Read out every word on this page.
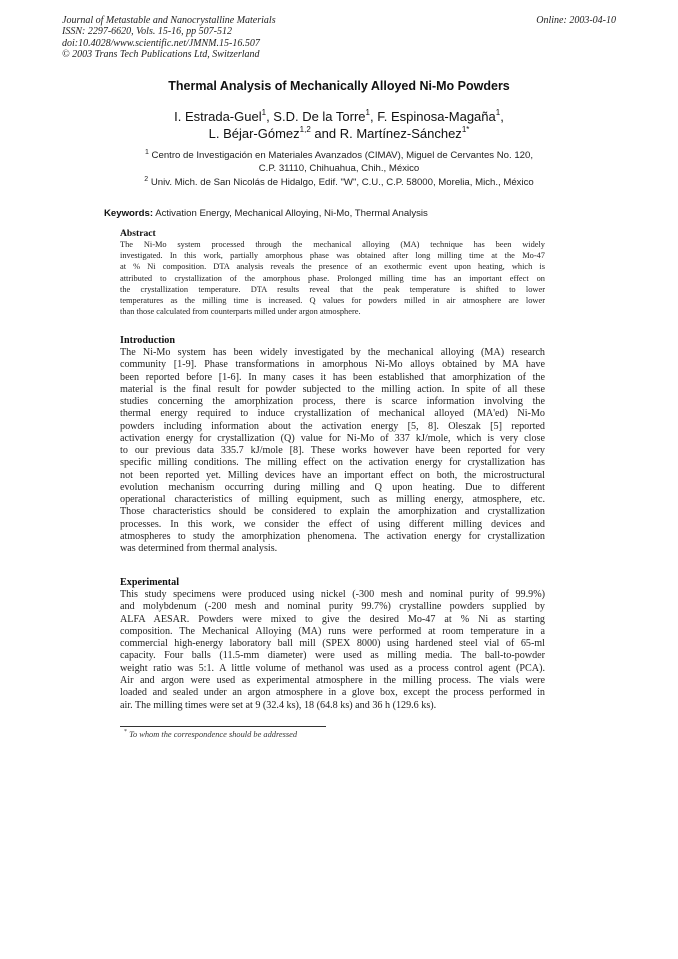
Journal of Metastable and Nanocrystalline Materials
ISSN: 2297-6620, Vols. 15-16, pp 507-512
doi:10.4028/www.scientific.net/JMNM.15-16.507
© 2003 Trans Tech Publications Ltd, Switzerland
Online: 2003-04-10
Thermal Analysis of Mechanically Alloyed Ni-Mo Powders
I. Estrada-Guel$^1$, S.D. De la Torre$^1$, F. Espinosa-Magaña$^1$,
L. Béjar-Gómez$^{1,2}$ and R. Martínez-Sánchez$^{1*}$
$^1$ Centro de Investigación en Materiales Avanzados (CIMAV), Miguel de Cervantes No. 120,
C.P. 31110, Chihuahua, Chih., México
$^2$ Univ. Mich. de San Nicolás de Hidalgo, Edif. "W", C.U., C.P. 58000, Morelia, Mich., México
Keywords: Activation Energy, Mechanical Alloying, Ni-Mo, Thermal Analysis
Abstract
The Ni-Mo system processed through the mechanical alloying (MA) technique has been widely
investigated. In this work, partially amorphous phase was obtained after long milling time at the Mo-47
at % Ni composition. DTA analysis reveals the presence of an exothermic event upon heating, which is
attributed to crystallization of the amorphous phase. Prolonged milling time has an important effect on
the crystallization temperature. DTA results reveal that the peak temperature is shifted to lower
temperatures as the milling time is increased. Q values for powders milled in air atmosphere are lower
than those calculated from counterparts milled under argon atmosphere.
Introduction
The Ni-Mo system has been widely investigated by the mechanical alloying (MA) research
community [1-9]. Phase transformations in amorphous Ni-Mo alloys obtained by MA have
been reported before [1-6]. In many cases it has been established that amorphization of the
material is the final result for powder subjected to the milling action. In spite of all these
studies concerning the amorphization process, there is scarce information involving the
thermal energy required to induce crystallization of mechanical alloyed (MA'ed) Ni-Mo
powders including information about the activation energy [5, 8]. Oleszak [5] reported
activation energy for crystallization (Q) value for Ni-Mo of 337 kJ/mole, which is very close
to our previous data 335.7 kJ/mole [8]. These works however have been reported for very
specific milling conditions. The milling effect on the activation energy for crystallization has
not been reported yet. Milling devices have an important effect on both, the microstructural
evolution mechanism occurring during milling and Q upon heating. Due to different
operational characteristics of milling equipment, such as milling energy, atmosphere, etc.
Those characteristics should be considered to explain the amorphization and crystallization
processes. In this work, we consider the effect of using different milling devices and
atmospheres to study the amorphization phenomena. The activation energy for crystallization
was determined from thermal analysis.
Experimental
This study specimens were produced using nickel (-300 mesh and nominal purity of 99.9%)
and molybdenum (-200 mesh and nominal purity 99.7%) crystalline powders supplied by
ALFA AESAR. Powders were mixed to give the desired Mo-47 at % Ni as starting
composition. The Mechanical Alloying (MA) runs were performed at room temperature in a
commercial high-energy laboratory ball mill (SPEX 8000) using hardened steel vial of 65-ml
capacity. Four balls (11.5-mm diameter) were used as milling media. The ball-to-powder
weight ratio was 5:1. A little volume of methanol was used as a process control agent (PCA).
Air and argon were used as experimental atmosphere in the milling process. The vials were
loaded and sealed under an argon atmosphere in a glove box, except the process performed in
air. The milling times were set at 9 (32.4 ks), 18 (64.8 ks) and 36 h (129.6 ks).
* To whom the correspondence should be addressed
